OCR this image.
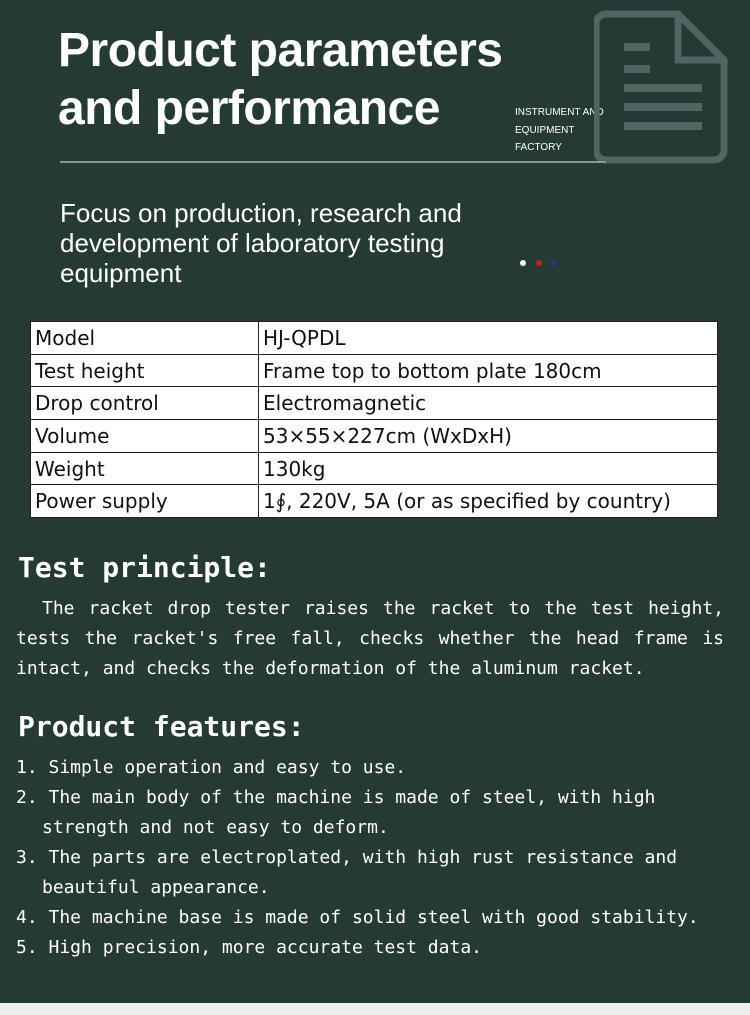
Product parameters
and performance	INSTRUMENT AND
EQUIPMENT
FACTORY
Focus on production, research and development of laboratory testing equipment
Model	HJ-QPDL
Test height	Frame top to bottom plate 180cm
Drop control	Electromagnetic
Volume	53×55×227cm (WxDxH)
Weight	130kg
Power supply	1∮, 220V, 5A (or as specified by country)
Test principle:

The racket drop tester raises the racket to the test height, tests the racket's free fall, checks whether the head frame is intact, and checks the deformation of the aluminum racket.

Product features:
1. Simple operation and easy to use.
2. The main body of the machine is made of steel, with high strength and not easy to deform.
3. The parts are electroplated, with high rust resistance and beautiful appearance.
4. The machine base is made of solid steel with good stability.
5. High precision, more accurate test data.
